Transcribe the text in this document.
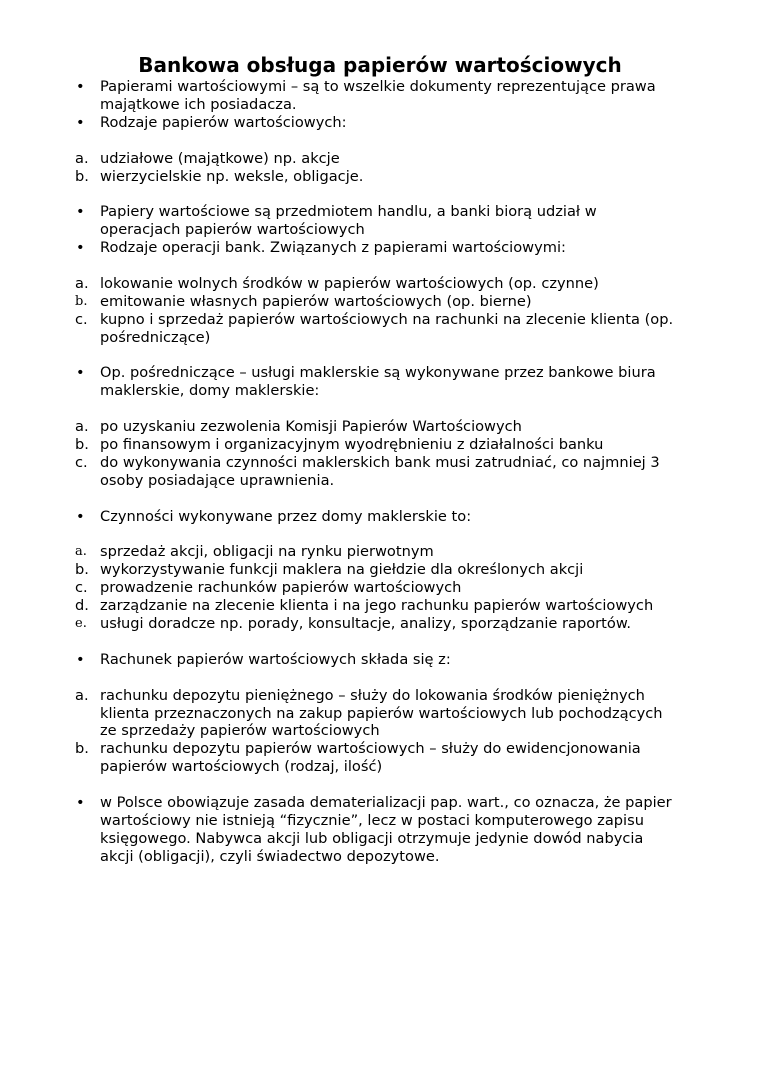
Bankowa obsługa papierów wartościowych
•	Papierami wartościowymi – są to wszelkie dokumenty reprezentujące prawa
majątkowe ich posiadacza.
•	Rodzaje papierów wartościowych:
a. udziałowe (majątkowe) np. akcje
b. wierzycielskie np. weksle, obligacje.
•	Papiery wartościowe są przedmiotem handlu, a banki biorą udział w
operacjach papierów wartościowych
•	Rodzaje operacji bank. Związanych z papierami wartościowymi:
a. lokowanie wolnych środków w papierów wartościowych (op. czynne)
b. emitowanie własnych papierów wartościowych (op. bierne)
c. kupno i sprzedaż papierów wartościowych na rachunki na zlecenie klienta (op.
pośredniczące)
•	Op. pośredniczące – usługi maklerskie są wykonywane przez bankowe biura
maklerskie, domy maklerskie:
a. po uzyskaniu zezwolenia Komisji Papierów Wartościowych
b. po finansowym i organizacyjnym wyodrębnieniu z działalności banku
c. do wykonywania czynności maklerskich bank musi zatrudniać, co najmniej 3
osoby posiadające uprawnienia.
•	Czynności wykonywane przez domy maklerskie to:
a. sprzedaż akcji, obligacji na rynku pierwotnym
b. wykorzystywanie funkcji maklera na giełdzie dla określonych akcji
c. prowadzenie rachunków papierów wartościowych
d. zarządzanie na zlecenie klienta i na jego rachunku papierów wartościowych
e. usługi doradcze np. porady, konsultacje, analizy, sporządzanie raportów.
•	Rachunek papierów wartościowych składa się z:
a. rachunku depozytu pieniężnego – służy do lokowania środków pieniężnych
klienta przeznaczonych na zakup papierów wartościowych lub pochodzących
ze sprzedaży papierów wartościowych
b. rachunku depozytu papierów wartościowych – służy do ewidencjonowania
papierów wartościowych (rodzaj, ilość)
•	w Polsce obowiązuje zasada dematerializacji pap. wart., co oznacza, że papier
wartościowy nie istnieją “fizycznie”, lecz w postaci komputerowego zapisu
księgowego. Nabywca akcji lub obligacji otrzymuje jedynie dowód nabycia
akcji (obligacji), czyli świadectwo depozytowe.
